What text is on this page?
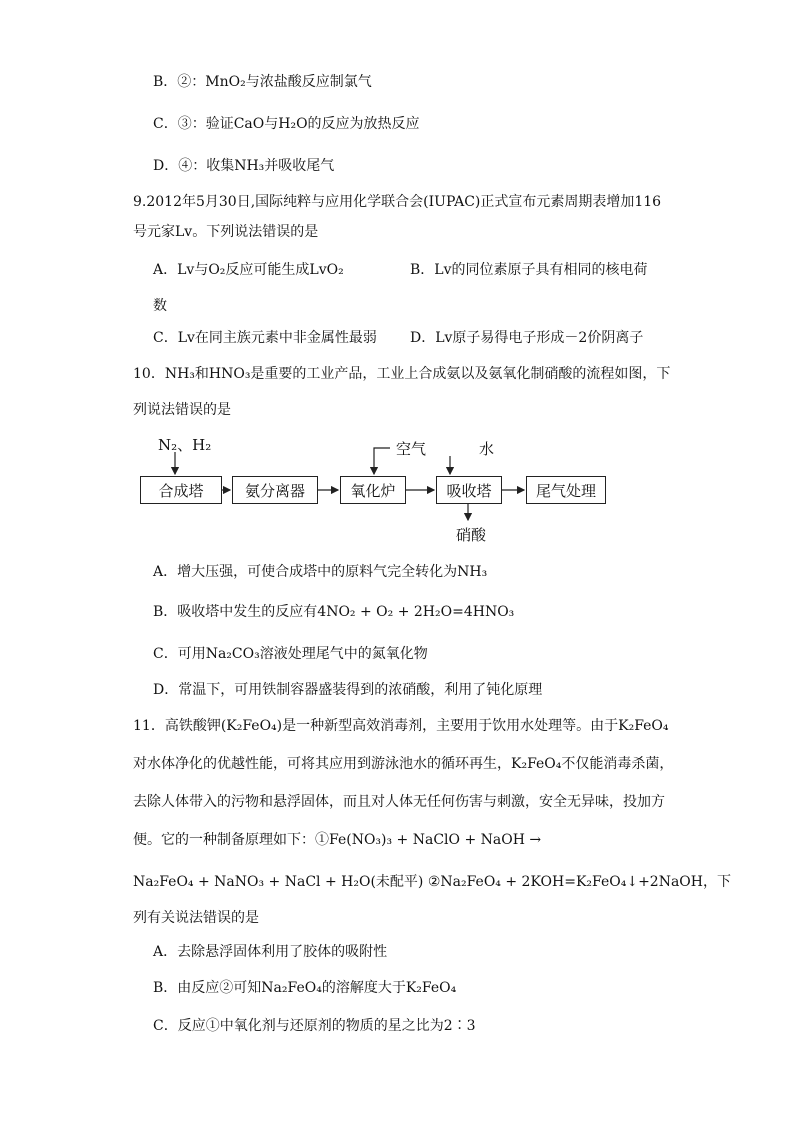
B．②：MnO₂与浓盐酸反应制氯气
C．③：验证CaO与H₂O的反应为放热反应
D．④：收集NH₃并吸收尾气
9.2012年5月30日,国际纯粹与应用化学联合会(IUPAC)正式宣布元素周期表增加116
号元家Lv。下列说法错误的是
A．Lv与O₂反应可能生成LvO₂	B．Lv的同位素原子具有相同的核电荷
数
C．Lv在同主族元素中非金属性最弱 D．Lv原子易得电子形成－2价阴离子
10．NH₃和HNO₃是重要的工业产品，工业上合成氨以及氨氧化制硝酸的流程如图，下
列说法错误的是
N₂、H₂
合成塔	氨分离器	氧化炉	吸收塔	尾气处理
空气	水
硝酸
A．增大压强，可使合成塔中的原料气完全转化为NH₃
B．吸收塔中发生的反应有4NO₂ + O₂ + 2H₂O=4HNO₃
C．可用Na₂CO₃溶液处理尾气中的氮氧化物
D．常温下，可用铁制容器盛装得到的浓硝酸，利用了钝化原理
11．高铁酸钾(K₂FeO₄)是一种新型高效消毒剂，主要用于饮用水处理等。由于K₂FeO₄
对水体净化的优越性能，可将其应用到游泳池水的循环再生，K₂FeO₄不仅能消毒杀菌，
去除人体带入的污物和悬浮固体，而且对人体无任何伤害与刺激，安全无异味，投加方
便。它的一种制备原理如下：①Fe(NO₃)₃ + NaClO + NaOH →
Na₂FeO₄ + NaNO₃ + NaCl + H₂O(未配平) ②Na₂FeO₄ + 2KOH=K₂FeO₄↓+2NaOH，下
列有关说法错误的是
A．去除悬浮固体利用了胶体的吸附性
B．由反应②可知Na₂FeO₄的溶解度大于K₂FeO₄
C．反应①中氧化剂与还原剂的物质的星之比为2∶3
